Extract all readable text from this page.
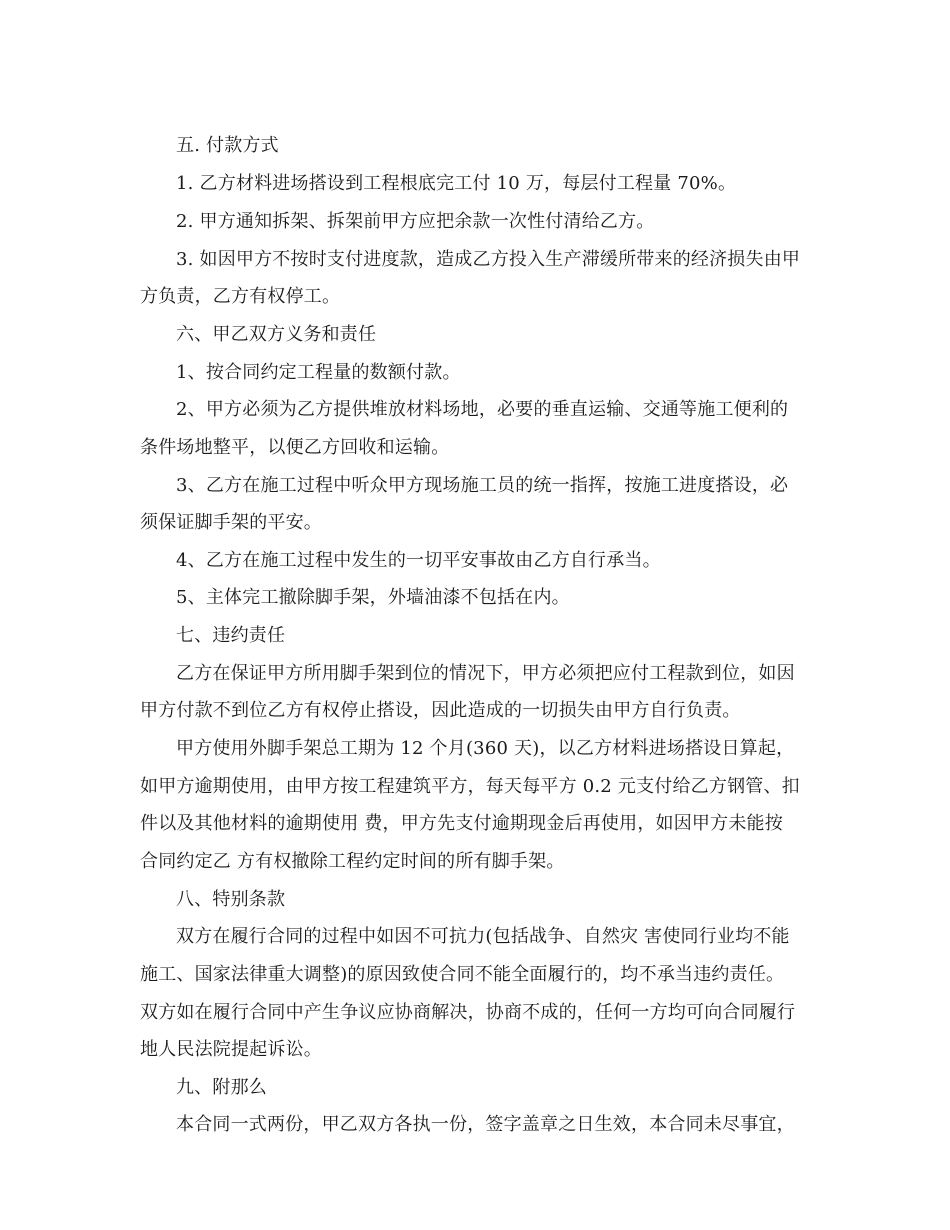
五. 付款方式
1. 乙方材料进场搭设到工程根底完工付 10 万，每层付工程量 70%。
2. 甲方通知拆架、拆架前甲方应把余款一次性付清给乙方。
3. 如因甲方不按时支付进度款，造成乙方投入生产滞缓所带来的经济损失由甲
方负责，乙方有权停工。
六、甲乙双方义务和责任
1、按合同约定工程量的数额付款。
2、甲方必须为乙方提供堆放材料场地，必要的垂直运输、交通等施工便利的
条件场地整平，以便乙方回收和运输。
3、乙方在施工过程中听众甲方现场施工员的统一指挥，按施工进度搭设，必
须保证脚手架的平安。
4、乙方在施工过程中发生的一切平安事故由乙方自行承当。
5、主体完工撤除脚手架，外墙油漆不包括在内。
七、违约责任
乙方在保证甲方所用脚手架到位的情况下，甲方必须把应付工程款到位，如因
甲方付款不到位乙方有权停止搭设，因此造成的一切损失由甲方自行负责。
甲方使用外脚手架总工期为 12 个月(360 天)，以乙方材料进场搭设日算起，
如甲方逾期使用，由甲方按工程建筑平方，每天每平方 0.2 元支付给乙方钢管、扣
件以及其他材料的逾期使用 费，甲方先支付逾期现金后再使用，如因甲方未能按
合同约定乙 方有权撤除工程约定时间的所有脚手架。
八、特别条款
双方在履行合同的过程中如因不可抗力(包括战争、自然灾 害使同行业均不能
施工、国家法律重大调整)的原因致使合同不能全面履行的，均不承当违约责任。
双方如在履行合同中产生争议应协商解决，协商不成的，任何一方均可向合同履行
地人民法院提起诉讼。
九、附那么
本合同一式两份，甲乙双方各执一份，签字盖章之日生效，本合同未尽事宜，
